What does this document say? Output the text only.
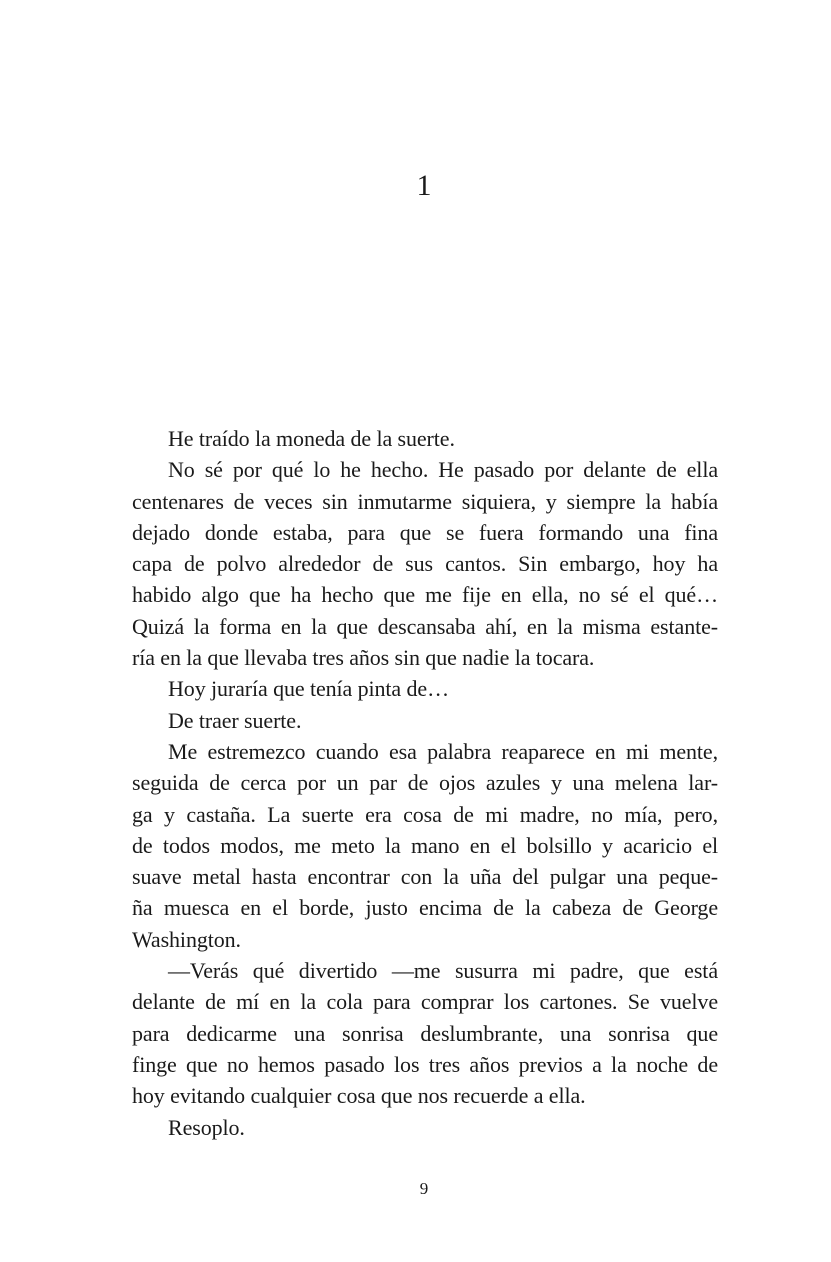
1
He traído la moneda de la suerte.
No sé por qué lo he hecho. He pasado por delante de ella
centenares de veces sin inmutarme siquiera, y siempre la había
dejado donde estaba, para que se fuera formando una fina
capa de polvo alrededor de sus cantos. Sin embargo, hoy ha
habido algo que ha hecho que me fije en ella, no sé el qué…
Quizá la forma en la que descansaba ahí, en la misma estante-
ría en la que llevaba tres años sin que nadie la tocara.
Hoy juraría que tenía pinta de…
De traer suerte.
Me estremezco cuando esa palabra reaparece en mi mente,
seguida de cerca por un par de ojos azules y una melena lar-
ga y castaña. La suerte era cosa de mi madre, no mía, pero,
de todos modos, me meto la mano en el bolsillo y acaricio el
suave metal hasta encontrar con la uña del pulgar una peque-
ña muesca en el borde, justo encima de la cabeza de George
Washington.
—Verás qué divertido —me susurra mi padre, que está
delante de mí en la cola para comprar los cartones. Se vuelve
para dedicarme una sonrisa deslumbrante, una sonrisa que
finge que no hemos pasado los tres años previos a la noche de
hoy evitando cualquier cosa que nos recuerde a ella.
Resoplo.
9
